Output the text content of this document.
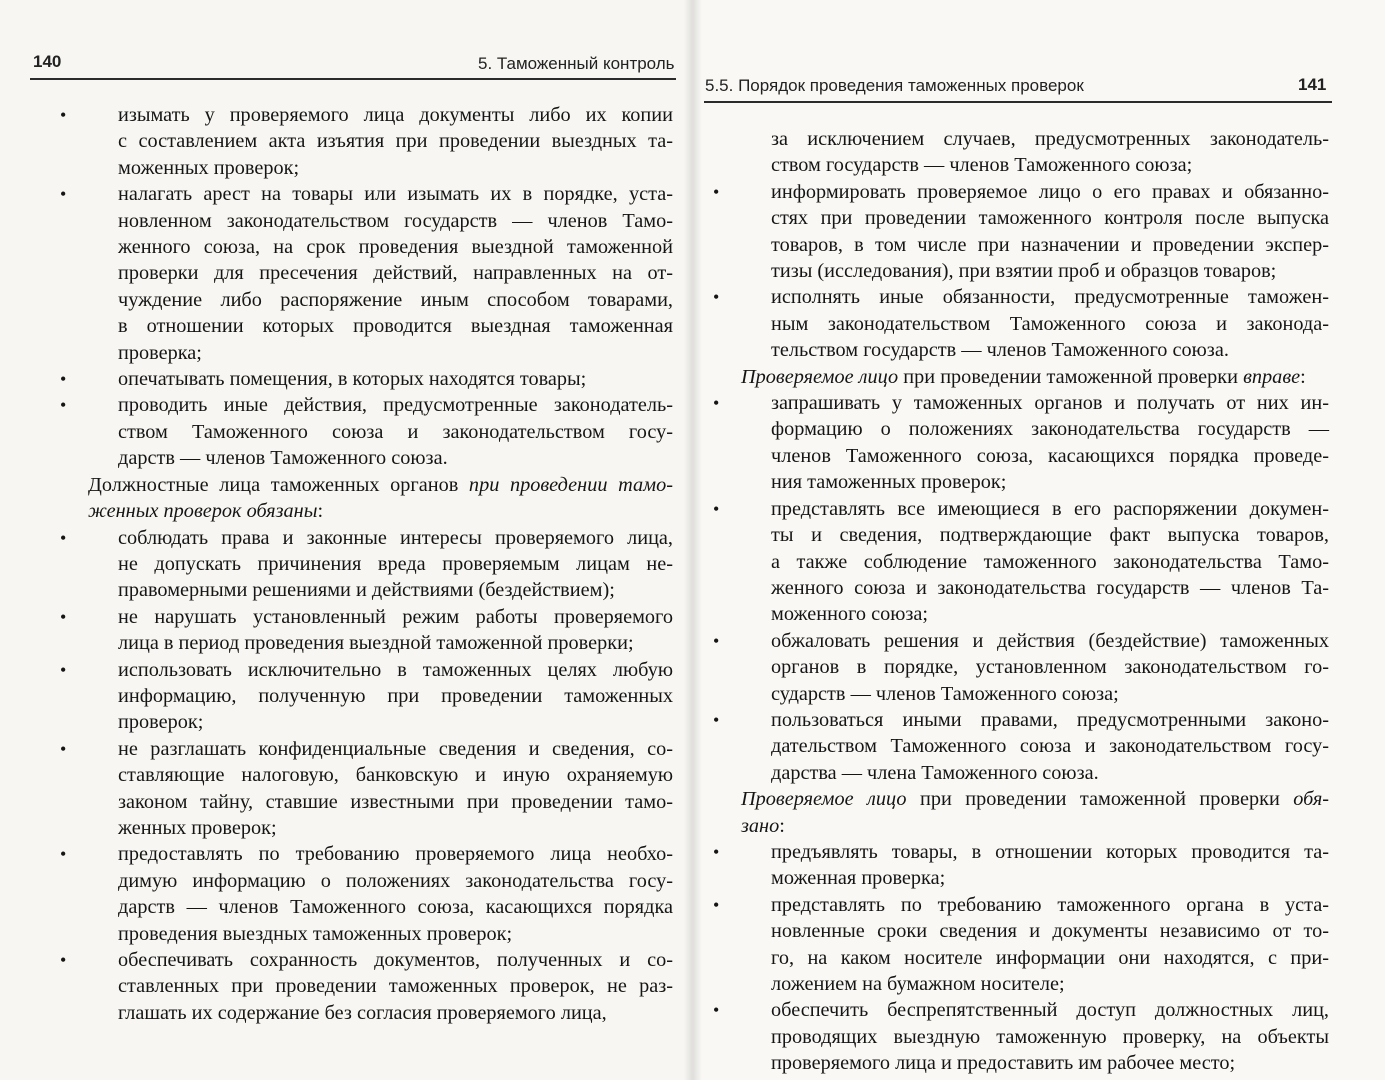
140	5. Таможенный контроль
5.5. Порядок проведения таможенных проверок	141
•	изымать у проверяемого лица документы либо их копии
с составлением акта изъятия при проведении выездных та-
моженных проверок;
•	налагать арест на товары или изымать их в порядке, уста-
новленном законодательством государств — членов Тамо-
женного союза, на срок проведения выездной таможенной
проверки для пресечения действий, направленных на от-
чуждение либо распоряжение иным способом товарами,
в отношении которых проводится выездная таможенная
проверка;
•	опечатывать помещения, в которых находятся товары;
•	проводить иные действия, предусмотренные законодатель-
ством Таможенного союза и законодательством госу-
дарств — членов Таможенного союза.
Должностные лица таможенных органов при проведении тамо-
женных проверок обязаны:
•	соблюдать права и законные интересы проверяемого лица,
не допускать причинения вреда проверяемым лицам не-
правомерными решениями и действиями (бездействием);
•	не нарушать установленный режим работы проверяемого
лица в период проведения выездной таможенной проверки;
•	использовать исключительно в таможенных целях любую
информацию, полученную при проведении таможенных
проверок;
•	не разглашать конфиденциальные сведения и сведения, со-
ставляющие налоговую, банковскую и иную охраняемую
законом тайну, ставшие известными при проведении тамо-
женных проверок;
•	предоставлять по требованию проверяемого лица необхо-
димую информацию о положениях законодательства госу-
дарств — членов Таможенного союза, касающихся порядка
проведения выездных таможенных проверок;
•	обеспечивать сохранность документов, полученных и со-
ставленных при проведении таможенных проверок, не раз-
глашать их содержание без согласия проверяемого лица,
за исключением случаев, предусмотренных законодатель-
ством государств — членов Таможенного союза;
•	информировать проверяемое лицо о его правах и обязанно-
стях при проведении таможенного контроля после выпуска
товаров, в том числе при назначении и проведении экспер-
тизы (исследования), при взятии проб и образцов товаров;
•	исполнять иные обязанности, предусмотренные таможен-
ным законодательством Таможенного союза и законода-
тельством государств — членов Таможенного союза.
Проверяемое лицо при проведении таможенной проверки вправе:
•	запрашивать у таможенных органов и получать от них ин-
формацию о положениях законодательства государств —
членов Таможенного союза, касающихся порядка проведе-
ния таможенных проверок;
•	представлять все имеющиеся в его распоряжении докумен-
ты и сведения, подтверждающие факт выпуска товаров,
а также соблюдение таможенного законодательства Тамо-
женного союза и законодательства государств — членов Та-
моженного союза;
•	обжаловать решения и действия (бездействие) таможенных
органов в порядке, установленном законодательством го-
сударств — членов Таможенного союза;
•	пользоваться иными правами, предусмотренными законо-
дательством Таможенного союза и законодательством госу-
дарства — члена Таможенного союза.
Проверяемое лицо при проведении таможенной проверки обя-
зано:
•	предъявлять товары, в отношении которых проводится та-
моженная проверка;
•	представлять по требованию таможенного органа в уста-
новленные сроки сведения и документы независимо от то-
го, на каком носителе информации они находятся, с при-
ложением на бумажном носителе;
•	обеспечить беспрепятственный доступ должностных лиц,
проводящих выездную таможенную проверку, на объекты
проверяемого лица и предоставить им рабочее место;
